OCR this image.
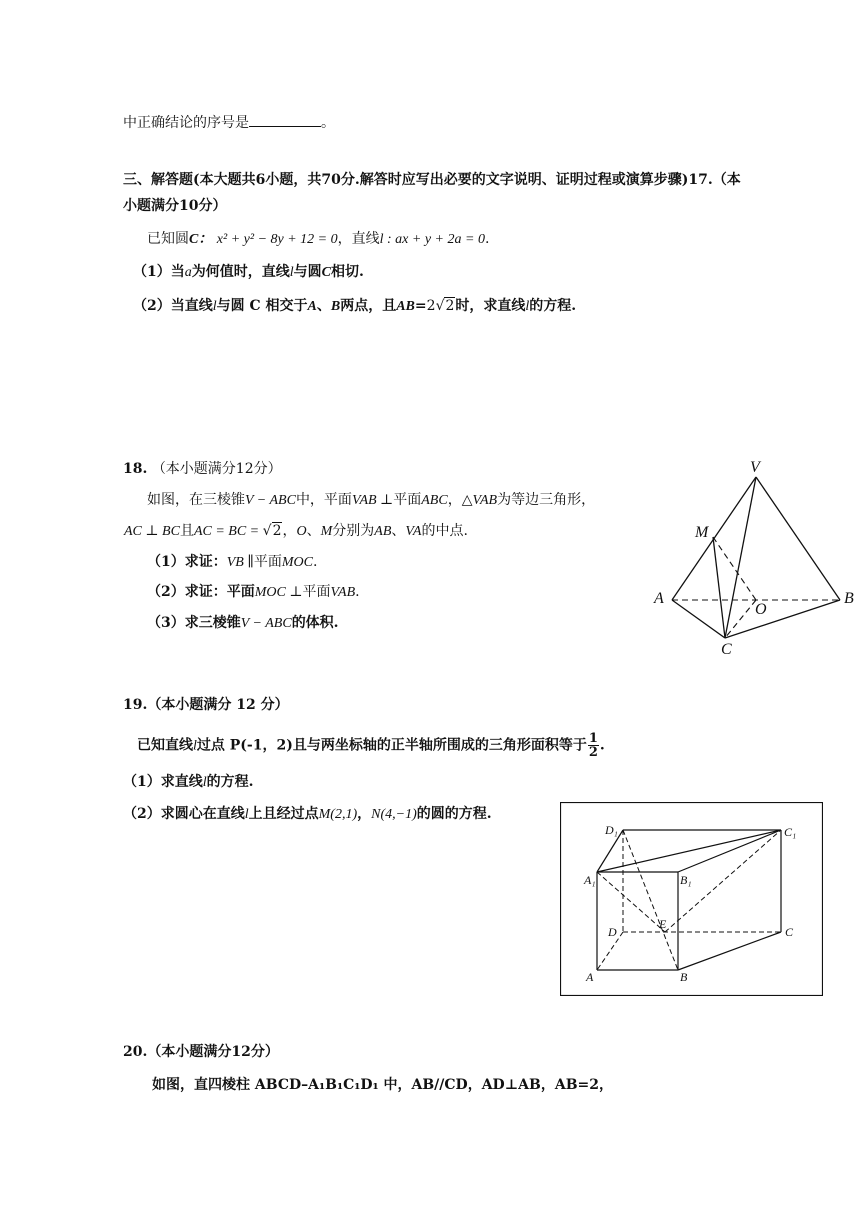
中正确结论的序号是	。
三、解答题(本大题共6小题，共70分.解答时应写出必要的文字说明、证明过程或演算步骤)17.（本
小题满分10分）
已知圆C： x² + y² − 8y + 12 = 0，直线l : ax + y + 2a = 0.
（1）当a为何值时，直线l与圆C相切.
（2）当直线l与圆 C 相交于A、B两点，且AB=2√2时，求直线l的方程.
18. （本小题满分12分）
如图，在三棱锥V − ABC中，平面VAB ⊥平面ABC，△VAB为等边三角形，
AC ⊥ BC且AC = BC = √2，O、M分别为AB、VA的中点.
（1）求证：VB ∥平面MOC.
（2）求证：平面MOC ⊥平面VAB.
（3）求三棱锥V − ABC的体积.
V
M
A
O
B
C
19.（本小题满分 12 分）
已知直线l过点 P(-1，2)且与两坐标轴的正半轴所围成的三角形面积等于 $\frac{1}{2}$ .
（1）求直线l的方程.
（2）求圆心在直线l上且经过点M(2,1)，N(4,−1)的圆的方程.
D₁	C₁
A₁	B₁
D
E
C
A	B
20.（本小题满分12分）
如图，直四棱柱 ABCD–A₁B₁C₁D₁ 中，AB//CD，AD⊥AB，AB=2，
